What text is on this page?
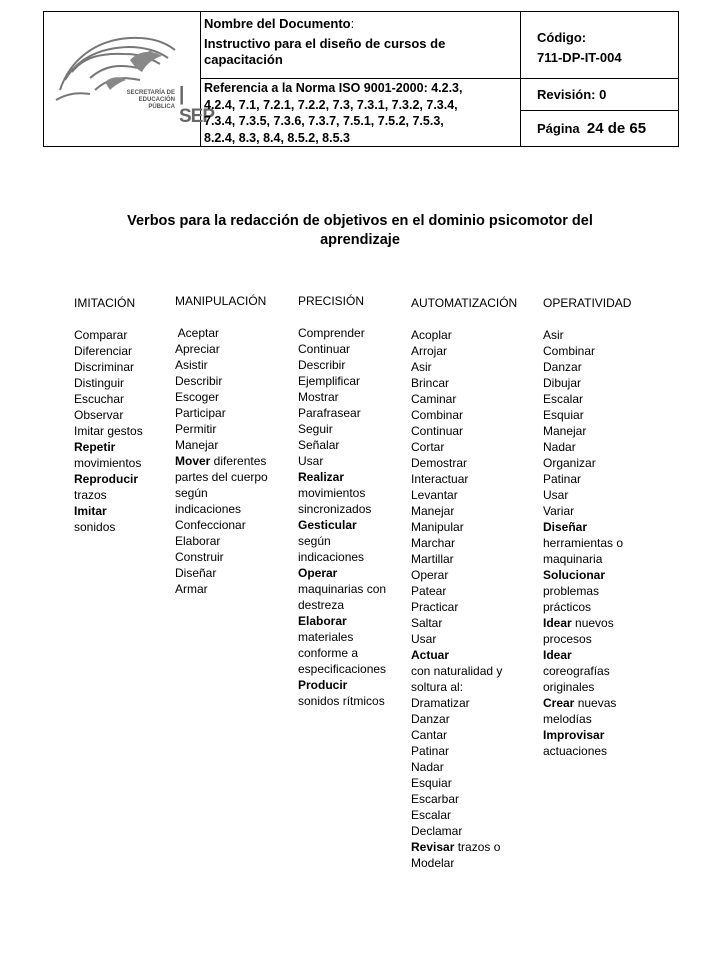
SECRETARÍA DE
EDUCACIÓN
PÚBLICA
| SEP
Nombre del Documento:
Instructivo para el diseño de cursos de
capacitación
Referencia a la Norma ISO 9001-2000: 4.2.3,
4.2.4, 7.1, 7.2.1, 7.2.2, 7.3, 7.3.1, 7.3.2, 7.3.4,
7.3.4, 7.3.5, 7.3.6, 7.3.7, 7.5.1, 7.5.2, 7.5.3,
8.2.4, 8.3, 8.4, 8.5.2, 8.5.3
Código:
711-DP-IT-004
Revisión: 0
Página 24 de 65
Verbos para la redacción de objetivos en el dominio psicomotor del
aprendizaje
IMITACIÓN
Comparar
Diferenciar
Discriminar
Distinguir
Escuchar
Observar
Imitar gestos
Repetir
movimientos
Reproducir
trazos
Imitar
sonidos
MANIPULACIÓN
Aceptar
Apreciar
Asistir
Describir
Escoger
Participar
Permitir
Manejar
Mover diferentes
partes del cuerpo
según
indicaciones
Confeccionar
Elaborar
Construir
Diseñar
Armar
PRECISIÓN
Comprender
Continuar
Describir
Ejemplificar
Mostrar
Parafrasear
Seguir
Señalar
Usar
Realizar
movimientos
sincronizados
Gesticular
según
indicaciones
Operar
maquinarias con
destreza
Elaborar
materiales
conforme a
especificaciones
Producir
sonidos rítmicos
AUTOMATIZACIÓN
Acoplar
Arrojar
Asir
Brincar
Caminar
Combinar
Continuar
Cortar
Demostrar
Interactuar
Levantar
Manejar
Manipular
Marchar
Martillar
Operar
Patear
Practicar
Saltar
Usar
Actuar
con naturalidad y
soltura al:
Dramatizar
Danzar
Cantar
Patinar
Nadar
Esquiar
Escarbar
Escalar
Declamar
Revisar trazos o
Modelar
OPERATIVIDAD
Asir
Combinar
Danzar
Dibujar
Escalar
Esquiar
Manejar
Nadar
Organizar
Patinar
Usar
Variar
Diseñar
herramientas o
maquinaria
Solucionar
problemas
prácticos
Idear nuevos
procesos
Idear
coreografías
originales
Crear nuevas
melodías
Improvisar
actuaciones
